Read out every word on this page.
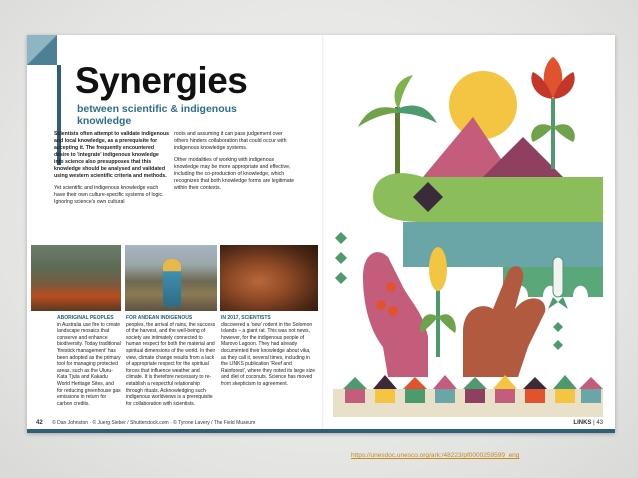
Synergies
between scientific & indigenous knowledge

Scientists often attempt to validate indigenous and local knowledge, as a prerequisite for accepting it. The frequently encountered desire to 'integrate' indigenous knowledge into science also presupposes that this knowledge should be analysed and validated using western scientific criteria and methods.

Yet scientific and indigenous knowledge each have their own culture-specific systems of logic. Ignoring science's own cultural

roots and assuming it can pass judgement over others hinders collaboration that could occur with indigenous knowledge systems.

Other modalities of working with indigenous knowledge may be more appropriate and effective, including the co-production of knowledge, which recognizes that both knowledge forms are legitimate within their contexts.

ABORIGINAL PEOPLES
in Australia use fire to create landscape mosaics that conserve and enhance biodiversity. Today traditional 'firestick management' has been adopted as the primary tool for managing protected areas, such as the Uluru-Kata Tjuta and Kakadu World Heritage Sites, and for reducing greenhouse gas emissions in return for carbon credits.
FOR ANDEAN INDIGENOUS
peoples, the arrival of rains, the success of the harvest, and the well-being of society are intimately connected to human respect for both the material and spiritual dimensions of the world. In their view, climate change results from a lack of appropriate respect for the spiritual forces that influence weather and climate. It is therefore necessary to re-establish a respectful relationship through rituals. Acknowledging such indigenous worldviews is a prerequisite for collaboration with scientists.
IN 2017, SCIENTISTS
discovered a 'new' rodent in the Solomon Islands – a giant rat. This was not news, however, for the indigenous people of Marovo Lagoon. They had already documented their knowledge about vika, as they call it, several times, including in the LINKS publication 'Reef and Rainforest', where they noted its large size and diet of coconuts. Science has moved from skepticism to agreement.
42 © Dan Johnston · © Juerg Sieber / Shutterstock.com · © Tyrone Lavery / The Field Museum	LINKS | 43
https://unesdoc.unesco.org/ark:/48223/pf0000259599_eng
